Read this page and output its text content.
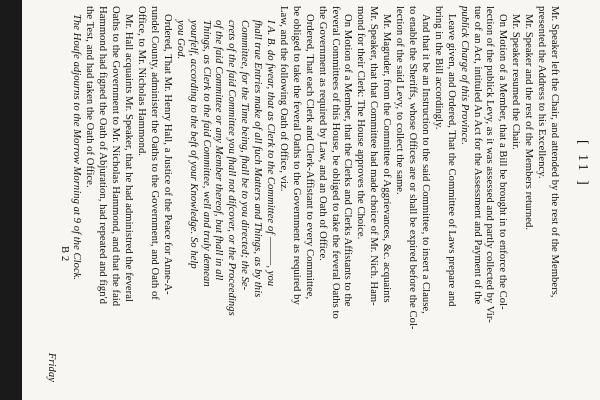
[ 11 ]
Mr. Speaker left the Chair, and attended by the rest of the Members,
presented the Address to his Excellency.
Mr. Speaker and the rest of the Members returned.
Mr. Speaker resumed the Chair.
On Motion of a Member, that a Bill be brought in to enforce the Col-
lection of the publick Levy, as it was assessed and partly collected by Vir-
tue of an Act, intituled An Act for the Assessment and Payment of the
publick Charge of this Province.
Leave given, and Ordered, That the Committee of Laws prepare and
bring in the Bill accordingly.
And that it be an Instruction to the said Committee, to insert a Clause,
to enable the Sheriffs, whose Offices are or shall be expired before the Col-
lection of the said Levy, to collect the same.
Mr. Magruder, from the Committee of Aggrievances, &c. acquaints
Mr. Speaker, that that Committee had made choice of Mr. Nich. Ham-
mond for their Clerk: The House approves the Choice.
On Motion of a Member, that the Clerks and Clerks Affistants to the
feveral Committees of this House, be obliged to take the feveral Oaths to
the Government as required by Law, and an Oath of Office.
Ordered, That each Clerk and Clerk-Affistant to every Committee,
be obliged to take the feveral Oaths to the Government as required by
Law, and the following Oath of Office, viz.
I A. B. do fwear, that as Clerk to the Committee of ———, you
fhall true Entries make of all fuch Matters and Things, as by this
Committee, for the Time being, fhall be to you directed; the Se-
crets of the faid Committee you fhall not difcover, or the Proceedings
of the faid Committee or any Member thereof, but fhall in all
Things, as Clerk to the faid Committee, well and truly demean
yourfelf, according to the beft of your Knowledge. So help
you God.
Ordered, That Mr. Henry Hall, a Justice of the Peace for Anne-A-
rundel County, administer the Oaths to the Government, and Oath of
Office, to Mr. Nicholas Hammond.
Mr. Hall acquaints Mr. Speaker, that he had administred the feveral
Oaths to the Government to Mr. Nicholas Hammond, and that the faid
Hammond had figned the Oath of Abjuration, had repeated and fign'd
the Test, and had taken the Oath of Office.
The Houfe adjourns to the Morrow Morning at 9 of the Clock.
B 2
Friday
